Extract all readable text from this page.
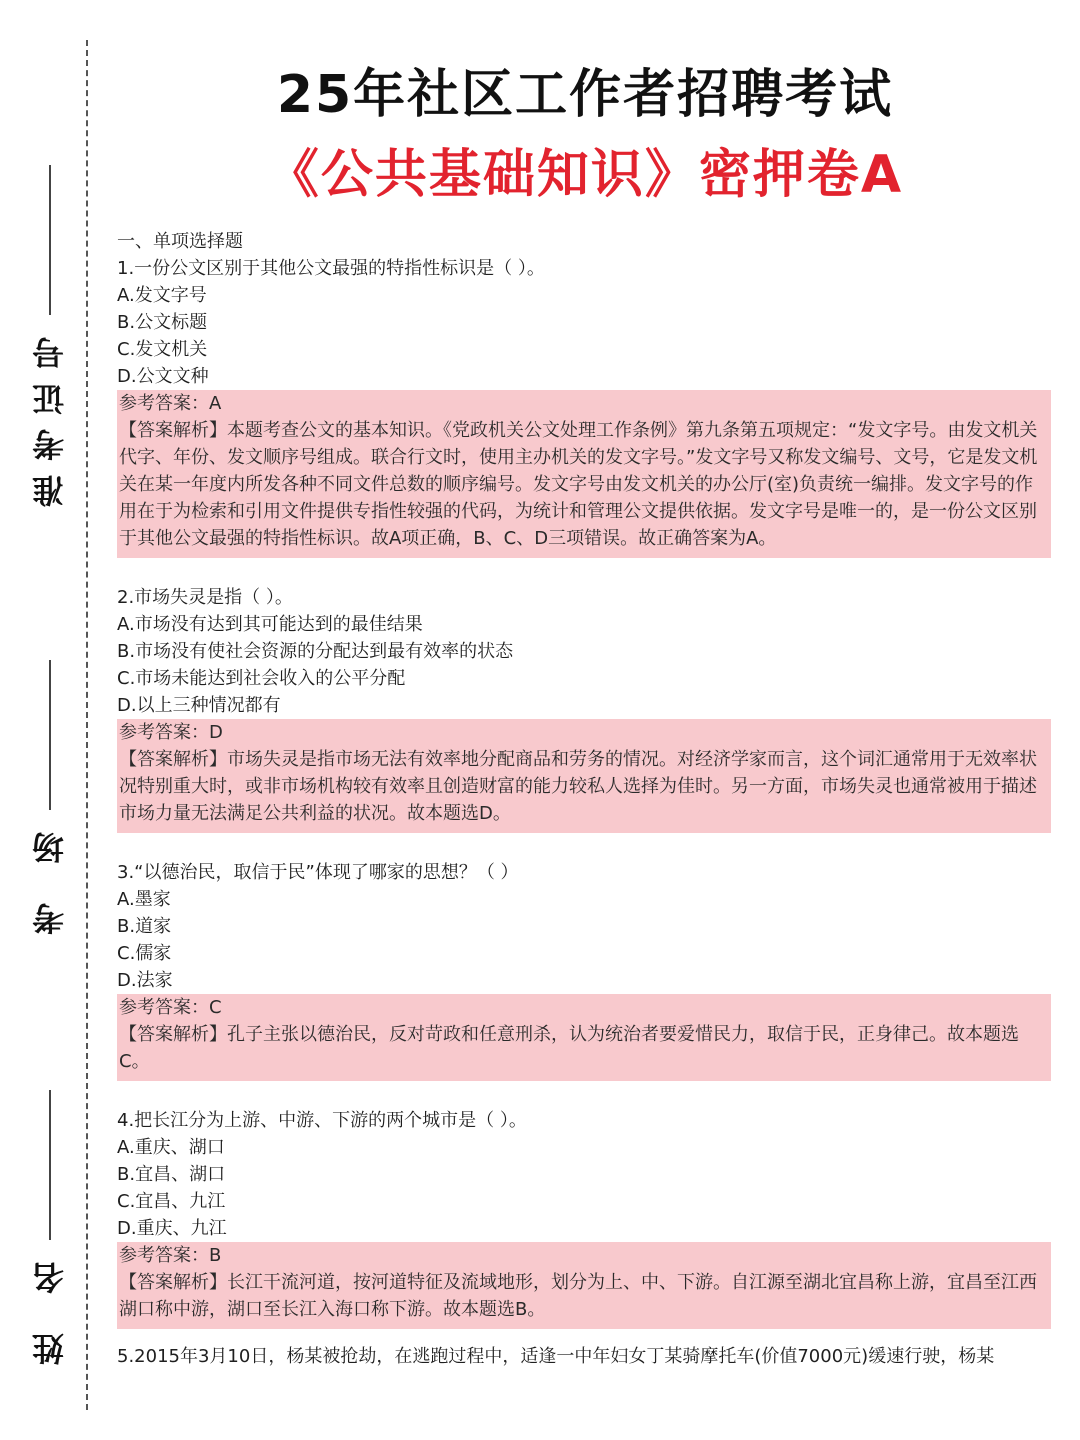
准考证号
考 场
姓 名
25年社区工作者招聘考试
《公共基础知识》密押卷A
一、单项选择题
1.一份公文区别于其他公文最强的特指性标识是（ ）。
A.发文字号
B.公文标题
C.发文机关
D.公文文种
参考答案：A
【答案解析】本题考查公文的基本知识。《党政机关公文处理工作条例》第九条第五项规定：“发文字号。由发文机关代字、年份、发文顺序号组成。联合行文时，使用主办机关的发文字号。”发文字号又称发文编号、文号，它是发文机关在某一年度内所发各种不同文件总数的顺序编号。发文字号由发文机关的办公厅(室)负责统一编排。发文字号的作用在于为检索和引用文件提供专指性较强的代码，为统计和管理公文提供依据。发文字号是唯一的，是一份公文区别于其他公文最强的特指性标识。故A项正确，B、C、D三项错误。故正确答案为A。
2.市场失灵是指（ ）。
A.市场没有达到其可能达到的最佳结果
B.市场没有使社会资源的分配达到最有效率的状态
C.市场未能达到社会收入的公平分配
D.以上三种情况都有
参考答案：D
【答案解析】市场失灵是指市场无法有效率地分配商品和劳务的情况。对经济学家而言，这个词汇通常用于无效率状况特别重大时，或非市场机构较有效率且创造财富的能力较私人选择为佳时。另一方面，市场失灵也通常被用于描述市场力量无法满足公共利益的状况。故本题选D。
3.“以德治民，取信于民”体现了哪家的思想？（ ）
A.墨家
B.道家
C.儒家
D.法家
参考答案：C
【答案解析】孔子主张以德治民，反对苛政和任意刑杀，认为统治者要爱惜民力，取信于民，正身律己。故本题选C。
4.把长江分为上游、中游、下游的两个城市是（ ）。
A.重庆、湖口
B.宜昌、湖口
C.宜昌、九江
D.重庆、九江
参考答案：B
【答案解析】长江干流河道，按河道特征及流域地形，划分为上、中、下游。自江源至湖北宜昌称上游，宜昌至江西湖口称中游，湖口至长江入海口称下游。故本题选B。
5.2015年3月10日，杨某被抢劫，在逃跑过程中，适逢一中年妇女丁某骑摩托车(价值7000元)缓速行驶，杨某
